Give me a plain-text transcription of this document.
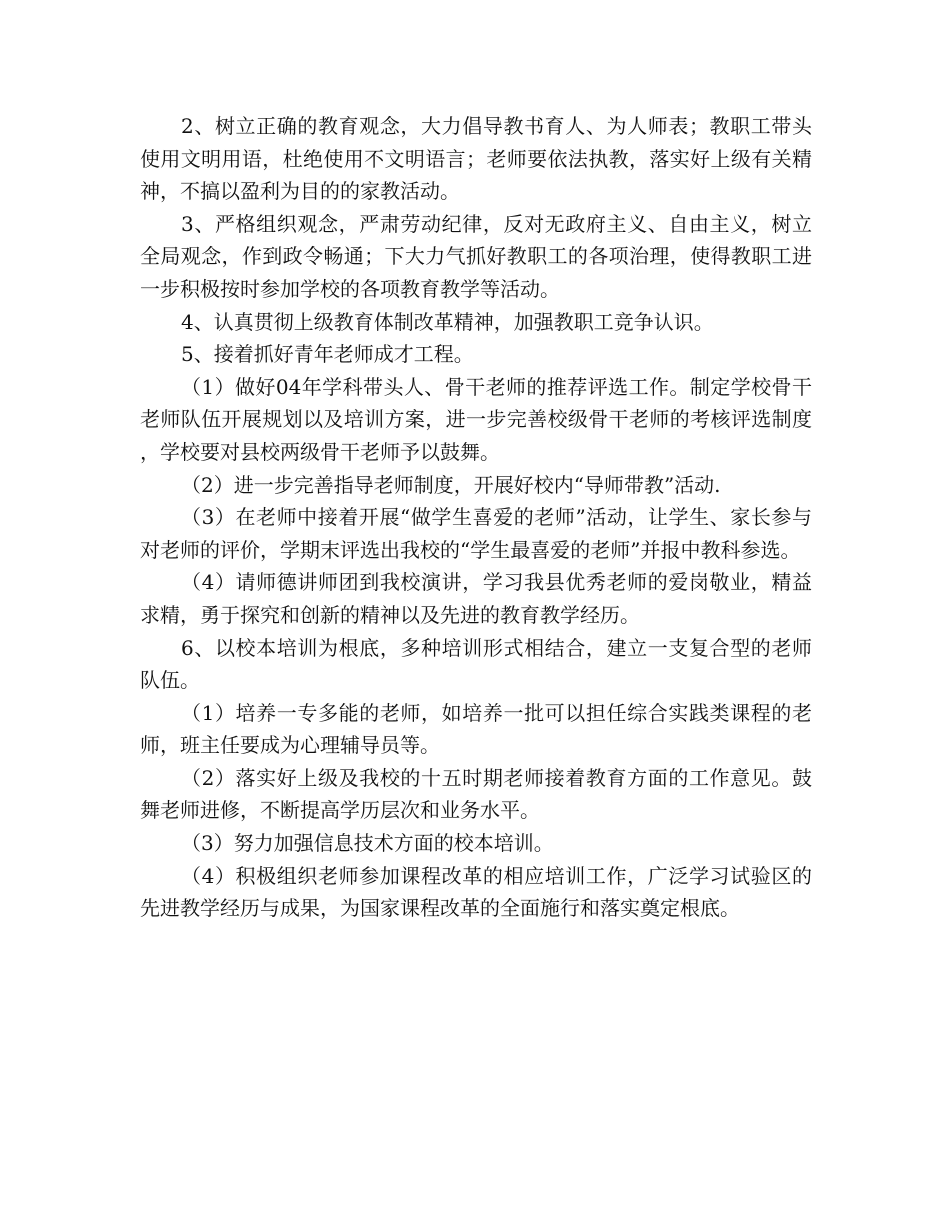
2、树立正确的教育观念，大力倡导教书育人、为人师表；教职工带头使用文明用语，杜绝使用不文明语言；老师要依法执教，落实好上级有关精神，不搞以盈利为目的的家教活动。

3、严格组织观念，严肃劳动纪律，反对无政府主义、自由主义，树立全局观念，作到政令畅通；下大力气抓好教职工的各项治理，使得教职工进一步积极按时参加学校的各项教育教学等活动。

4、认真贯彻上级教育体制改革精神，加强教职工竞争认识。

5、接着抓好青年老师成才工程。

（1）做好04年学科带头人、骨干老师的推荐评选工作。制定学校骨干老师队伍开展规划以及培训方案，进一步完善校级骨干老师的考核评选制度，学校要对县校两级骨干老师予以鼓舞。

（2）进一步完善指导老师制度，开展好校内“导师带教”活动.

（3）在老师中接着开展“做学生喜爱的老师”活动，让学生、家长参与对老师的评价，学期末评选出我校的“学生最喜爱的老师”并报中教科参选。

（4）请师德讲师团到我校演讲，学习我县优秀老师的爱岗敬业，精益求精，勇于探究和创新的精神以及先进的教育教学经历。

6、以校本培训为根底，多种培训形式相结合，建立一支复合型的老师队伍。

（1）培养一专多能的老师，如培养一批可以担任综合实践类课程的老师，班主任要成为心理辅导员等。

（2）落实好上级及我校的十五时期老师接着教育方面的工作意见。鼓舞老师进修，不断提高学历层次和业务水平。

（3）努力加强信息技术方面的校本培训。

（4）积极组织老师参加课程改革的相应培训工作，广泛学习试验区的先进教学经历与成果，为国家课程改革的全面施行和落实奠定根底。
